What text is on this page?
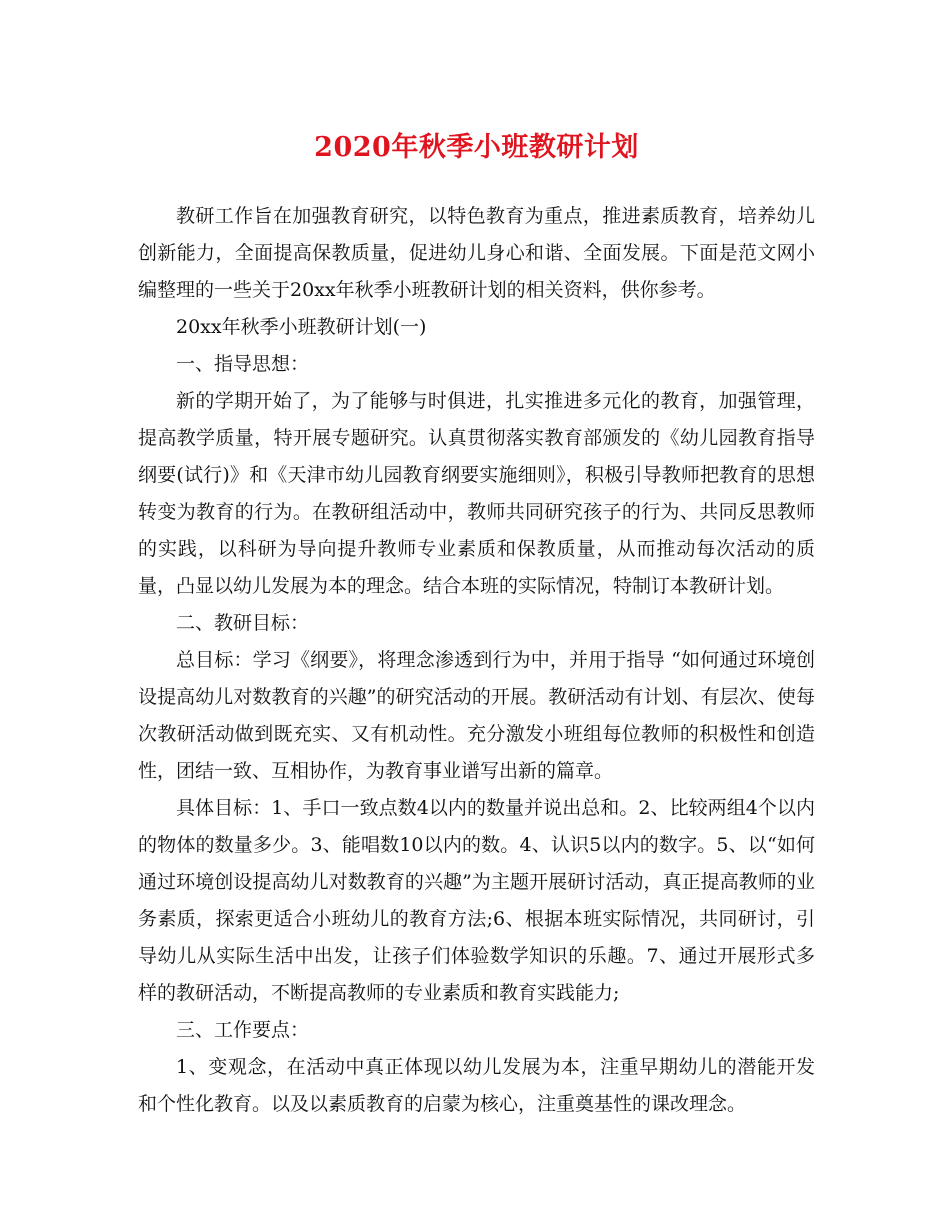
2020年秋季小班教研计划

教研工作旨在加强教育研究，以特色教育为重点，推进素质教育，培养幼儿创新能力，全面提高保教质量，促进幼儿身心和谐、全面发展。下面是范文网小编整理的一些关于20xx年秋季小班教研计划的相关资料，供你参考。

20xx年秋季小班教研计划(一)

一、指导思想：

新的学期开始了，为了能够与时俱进，扎实推进多元化的教育，加强管理，提高教学质量，特开展专题研究。认真贯彻落实教育部颁发的《幼儿园教育指导纲要(试行)》和《天津市幼儿园教育纲要实施细则》，积极引导教师把教育的思想转变为教育的行为。在教研组活动中，教师共同研究孩子的行为、共同反思教师的实践，以科研为导向提升教师专业素质和保教质量，从而推动每次活动的质量，凸显以幼儿发展为本的理念。结合本班的实际情况，特制订本教研计划。

二、教研目标：

总目标：学习《纲要》，将理念渗透到行为中，并用于指导 “如何通过环境创设提高幼儿对数教育的兴趣”的研究活动的开展。教研活动有计划、有层次、使每次教研活动做到既充实、又有机动性。充分激发小班组每位教师的积极性和创造性，团结一致、互相协作，为教育事业谱写出新的篇章。

具体目标：1、手口一致点数4以内的数量并说出总和。2、比较两组4个以内的物体的数量多少。3、能唱数10以内的数。4、认识5以内的数字。5、以“如何通过环境创设提高幼儿对数教育的兴趣”为主题开展研讨活动，真正提高教师的业务素质，探索更适合小班幼儿的教育方法;6、根据本班实际情况，共同研讨，引导幼儿从实际生活中出发，让孩子们体验数学知识的乐趣。7、通过开展形式多样的教研活动，不断提高教师的专业素质和教育实践能力;

三、工作要点：

1、变观念，在活动中真正体现以幼儿发展为本，注重早期幼儿的潜能开发和个性化教育。以及以素质教育的启蒙为核心，注重奠基性的课改理念。
